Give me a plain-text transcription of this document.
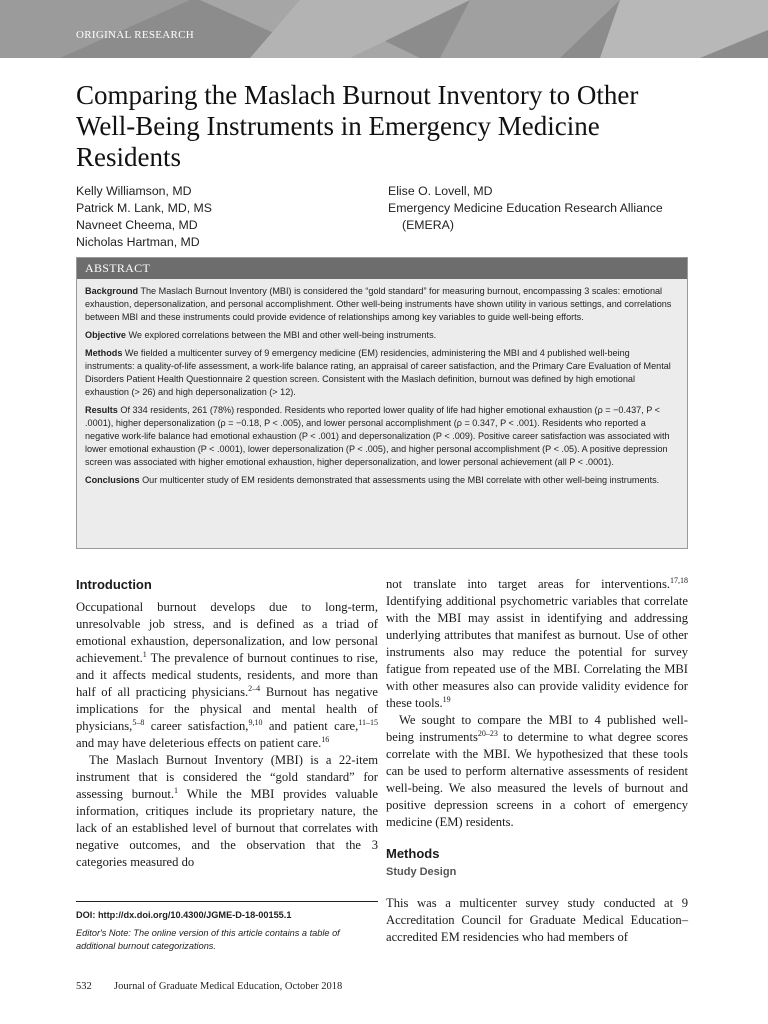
ORIGINAL RESEARCH
Comparing the Maslach Burnout Inventory to Other Well-Being Instruments in Emergency Medicine Residents
Kelly Williamson, MD
Patrick M. Lank, MD, MS
Navneet Cheema, MD
Nicholas Hartman, MD
Elise O. Lovell, MD
Emergency Medicine Education Research Alliance
(EMERA)
ABSTRACT

Background The Maslach Burnout Inventory (MBI) is considered the “gold standard” for measuring burnout, encompassing 3 scales: emotional exhaustion, depersonalization, and personal accomplishment. Other well-being instruments have shown utility in various settings, and correlations between MBI and these instruments could provide evidence of relationships among key variables to guide well-being efforts.

Objective We explored correlations between the MBI and other well-being instruments.

Methods We fielded a multicenter survey of 9 emergency medicine (EM) residencies, administering the MBI and 4 published well-being instruments: a quality-of-life assessment, a work-life balance rating, an appraisal of career satisfaction, and the Primary Care Evaluation of Mental Disorders Patient Health Questionnaire 2 question screen. Consistent with the Maslach definition, burnout was defined by high emotional exhaustion (> 26) and high depersonalization (> 12).

Results Of 334 residents, 261 (78%) responded. Residents who reported lower quality of life had higher emotional exhaustion (ρ = −0.437, P < .0001), higher depersonalization (ρ = −0.18, P < .005), and lower personal accomplishment (ρ = 0.347, P < .001). Residents who reported a negative work-life balance had emotional exhaustion (P < .001) and depersonalization (P < .009). Positive career satisfaction was associated with lower emotional exhaustion (P < .0001), lower depersonalization (P < .005), and higher personal accomplishment (P < .05). A positive depression screen was associated with higher emotional exhaustion, higher depersonalization, and lower personal achievement (all P < .0001).

Conclusions Our multicenter study of EM residents demonstrated that assessments using the MBI correlate with other well-being instruments.

Introduction

Occupational burnout develops due to long-term, unresolvable job stress, and is defined as a triad of emotional exhaustion, depersonalization, and low personal achievement.$^1$ The prevalence of burnout continues to rise, and it affects medical students, residents, and more than half of all practicing physicians.$^{2-4}$ Burnout has negative implications for the physical and mental health of physicians,$^{5-8}$ career satisfaction,$^{9,10}$ and patient care,$^{11-15}$ and may have deleterious effects on patient care.$^{16}$

The Maslach Burnout Inventory (MBI) is a 22-item instrument that is considered the “gold standard” for assessing burnout.$^1$ While the MBI provides valuable information, critiques include its proprietary nature, the lack of an established level of burnout that correlates with negative outcomes, and the observation that the 3 categories measured do

not translate into target areas for interventions.$^{17,18}$ Identifying additional psychometric variables that correlate with the MBI may assist in identifying and addressing underlying attributes that manifest as burnout. Use of other instruments also may reduce the potential for survey fatigue from repeated use of the MBI. Correlating the MBI with other measures also can provide validity evidence for these tools.$^{19}$

We sought to compare the MBI to 4 published well-being instruments$^{20-23}$ to determine to what degree scores correlate with the MBI. We hypothesized that these tools can be used to perform alternative assessments of resident well-being. We also measured the levels of burnout and positive depression screens in a cohort of emergency medicine (EM) residents.

Methods
Study Design

This was a multicenter survey study conducted at 9 Accreditation Council for Graduate Medical Education–accredited EM residencies who had members of

DOI: http://dx.doi.org/10.4300/JGME-D-18-00155.1
Editor's Note: The online version of this article contains a table of additional burnout categorizations.
532 Journal of Graduate Medical Education, October 2018
